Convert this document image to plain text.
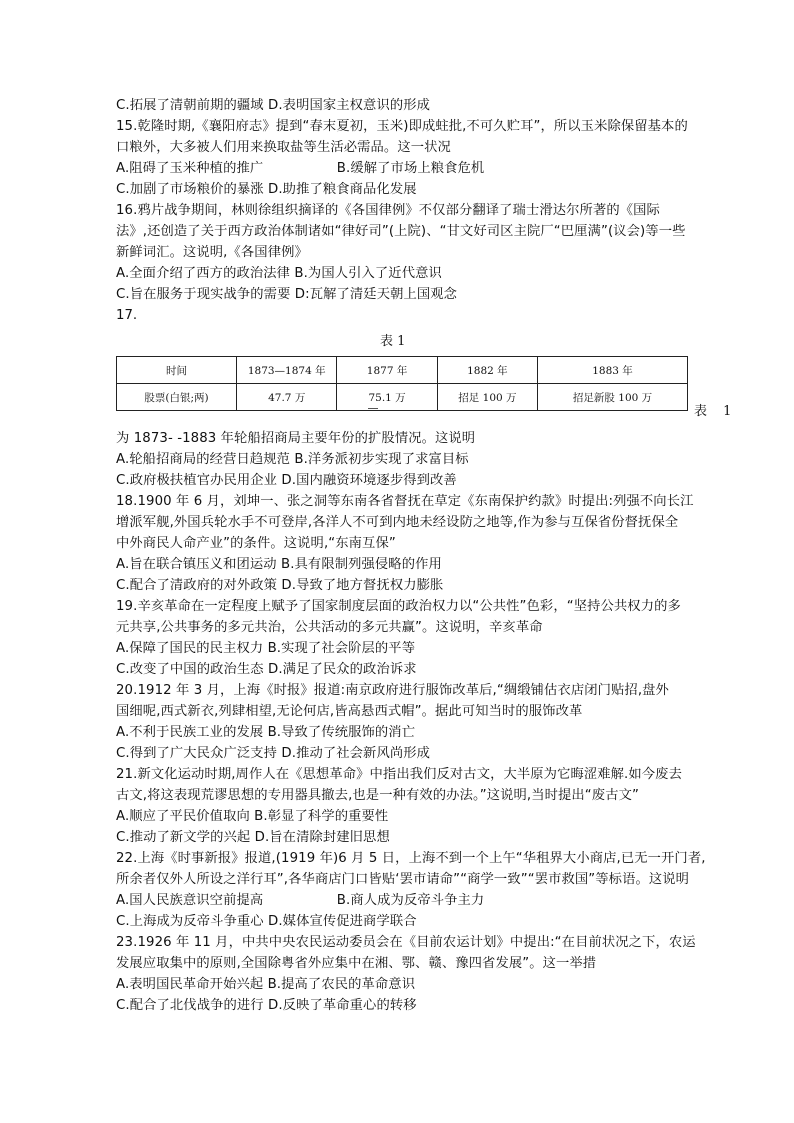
C.拓展了清朝前期的疆域 D.表明国家主权意识的形成
15.乾隆时期,《襄阳府志》提到“春末夏初，玉米)即成蛀批,不可久贮耳”，所以玉米除保留基本的
口粮外，大多被人们用来换取盐等生活必需品。这一状况
A.阻碍了玉米种植的推广                 B.缓解了市场上粮食危机
C.加剧了市场粮价的暴涨 D.助推了粮食商品化发展
16.鸦片战争期间，林则徐组织摘译的《各国律例》不仅部分翻译了瑞士滑达尔所著的《国际
法》,还创造了关于西方政治体制诸如“律好司”(上院)、“甘文好司区主院厂“巴厘满”(议会)等一些
新鲜词汇。这说明,《各国律例》
A.全面介绍了西方的政治法律 B.为国人引入了近代意识
C.旨在服务于现实战争的需要 D:瓦解了清廷天朝上国观念
17.
表 1
时间	1873—1874 年	1877 年	1882 年	1883 年
股票(白银;两)	47.7 万	75.1 万	招足 100 万	招足新股 100 万
表 1
为 1873- -1883 年轮船招商局主要年份的扩股情况。这说明
A.轮船招商局的经营日趋规范 B.洋务派初步实现了求富目标
C.政府极扶植官办民用企业 D.国内融资环境逐步得到改善
18.1900 年 6 月，刘坤一、张之洞等东南各省督抚在草定《东南保护约款》时提出:列强不向长江
增派军舰,外国兵轮水手不可登岸,各洋人不可到内地未经设防之地等,作为参与互保省份督抚保全
中外商民人命产业”的条件。这说明,“东南互保”
A.旨在联合镇压义和团运动 B.具有限制列强侵略的作用
C.配合了清政府的对外政策 D.导致了地方督抚权力膨胀
19.辛亥革命在一定程度上赋予了国家制度层面的政治权力以“公共性”色彩，“坚持公共权力的多
元共享,公共事务的多元共治，公共活动的多元共赢”。这说明，辛亥革命
A.保障了国民的民主权力 B.实现了社会阶层的平等
C.改变了中国的政治生态 D.满足了民众的政治诉求
20.1912 年 3 月，上海《时报》报道:南京政府进行服饰改革后,“绸缎铺估衣店闭门贴招,盘外
国细呢,西式新衣,列肆相望,无论何店,皆高悬西式帽”。据此可知当时的服饰改革
A.不利于民族工业的发展 B.导致了传统服饰的消亡
C.得到了广大民众广泛支持 D.推动了社会新风尚形成
21.新文化运动时期,周作人在《思想革命》中指出我们反对古文，大半原为它晦涩难解.如今废去
古文,将这表现荒谬思想的专用器具撤去,也是一种有效的办法。”这说明,当时提出“废古文”
A.顺应了平民价值取向 B.彰显了科学的重要性
C.推动了新文学的兴起 D.旨在清除封建旧思想
22.上海《时事新报》报道,(1919 年)6 月 5 日，上海不到一个上午“华租界大小商店,已无一开门者,
所余者仅外人所设之洋行耳”,各华商店门口皆贴‘罢市请命”“商学一致”“罢市救国”等标语。这说明
A.国人民族意识空前提高                 B.商人成为反帝斗争主力
C.上海成为反帝斗争重心 D.媒体宣传促进商学联合
23.1926 年 11 月，中共中央农民运动委员会在《目前农运计划》中提出:“在目前状况之下，农运
发展应取集中的原则,全国除粤省外应集中在湘、鄂、赣、豫四省发展”。这一举措
A.表明国民革命开始兴起 B.提高了农民的革命意识
C.配合了北伐战争的进行 D.反映了革命重心的转移
